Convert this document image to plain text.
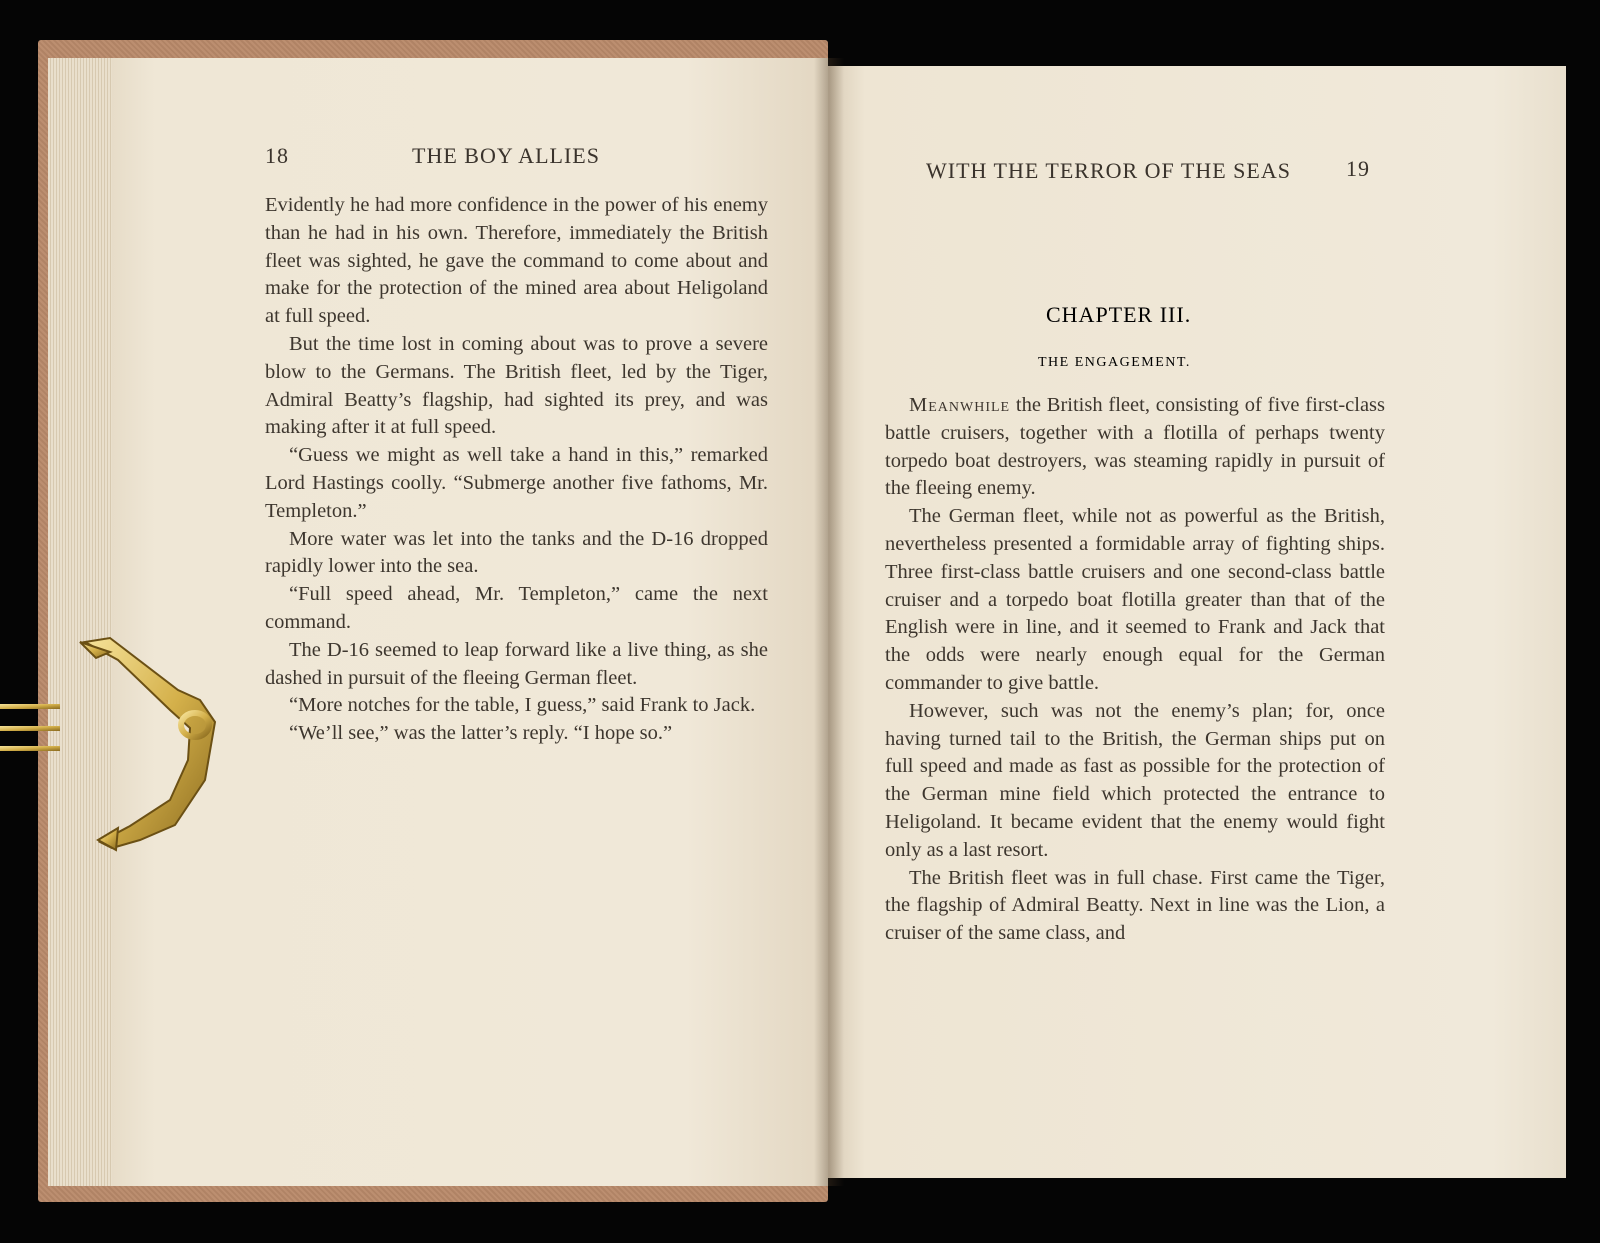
18	THE BOY ALLIES

Evidently he had more confidence in the power of his enemy than he had in his own. Therefore, immediately the British fleet was sighted, he gave the command to come about and make for the protection of the mined area about Heligoland at full speed.

But the time lost in coming about was to prove a severe blow to the Germans. The British fleet, led by the Tiger, Admiral Beatty’s flagship, had sighted its prey, and was making after it at full speed.

“Guess we might as well take a hand in this,” remarked Lord Hastings coolly. “Submerge another five fathoms, Mr. Templeton.”

More water was let into the tanks and the D-16 dropped rapidly lower into the sea.

“Full speed ahead, Mr. Templeton,” came the next command.

The D-16 seemed to leap forward like a live thing, as she dashed in pursuit of the fleeing German fleet.

“More notches for the table, I guess,” said Frank to Jack.

“We’ll see,” was the latter’s reply. “I hope so.”

WITH THE TERROR OF THE SEAS	19
CHAPTER III.
THE ENGAGEMENT.

Meanwhile the British fleet, consisting of five first-class battle cruisers, together with a flotilla of perhaps twenty torpedo boat destroyers, was steaming rapidly in pursuit of the fleeing enemy.

The German fleet, while not as powerful as the British, nevertheless presented a formidable array of fighting ships. Three first-class battle cruisers and one second-class battle cruiser and a torpedo boat flotilla greater than that of the English were in line, and it seemed to Frank and Jack that the odds were nearly enough equal for the German commander to give battle.

However, such was not the enemy’s plan; for, once having turned tail to the British, the German ships put on full speed and made as fast as possible for the protection of the German mine field which protected the entrance to Heligoland. It became evident that the enemy would fight only as a last resort.

The British fleet was in full chase. First came the Tiger, the flagship of Admiral Beatty. Next in line was the Lion, a cruiser of the same class, and
